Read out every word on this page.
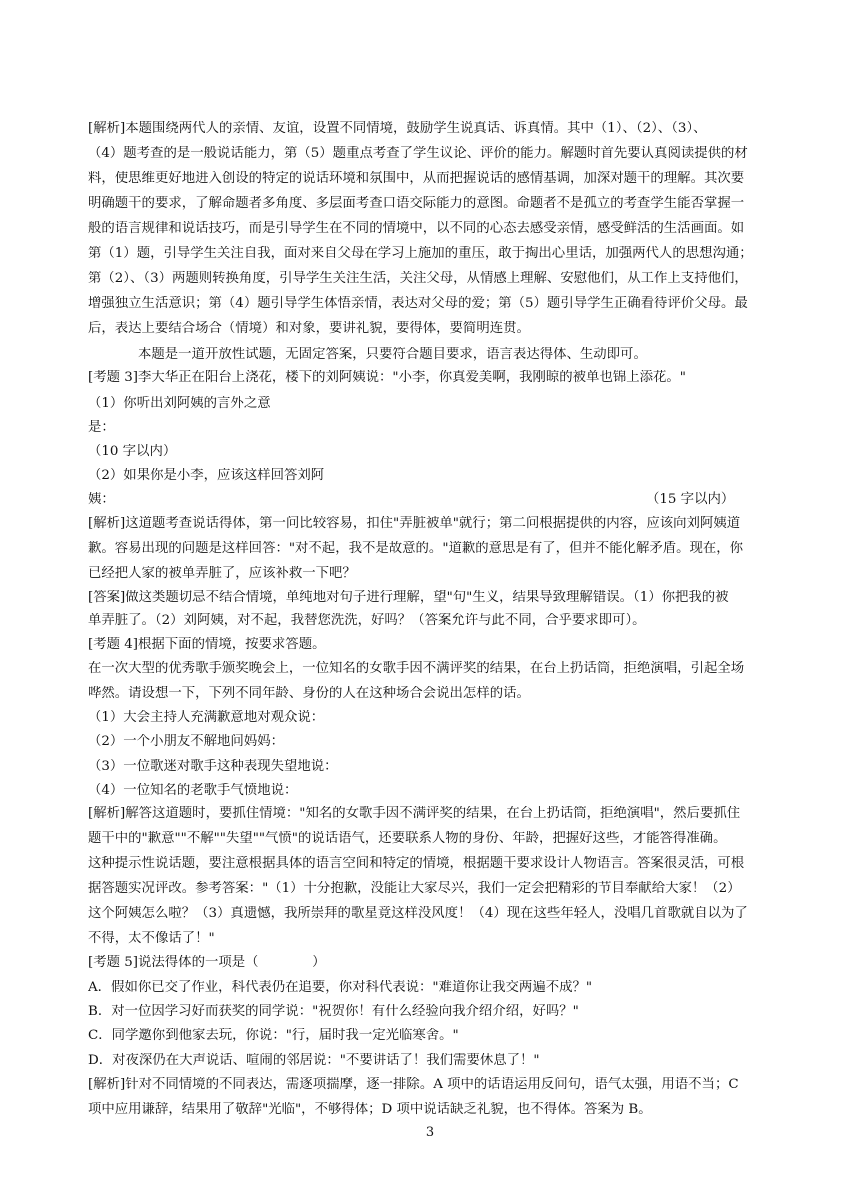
[解析]本题围绕两代人的亲情、友谊，设置不同情境，鼓励学生说真话、诉真情。其中（1）、（2）、（3）、
（4）题考查的是一般说话能力，第（5）题重点考查了学生议论、评价的能力。解题时首先要认真阅读提供的材
料，使思维更好地进入创设的特定的说话环境和氛围中，从而把握说话的感情基调，加深对题干的理解。其次要
明确题干的要求，了解命题者多角度、多层面考查口语交际能力的意图。命题者不是孤立的考查学生能否掌握一
般的语言规律和说话技巧，而是引导学生在不同的情境中，以不同的心态去感受亲情，感受鲜活的生活画面。如
第（1）题，引导学生关注自我，面对来自父母在学习上施加的重压，敢于掏出心里话，加强两代人的思想沟通；
第（2）、（3）两题则转换角度，引导学生关注生活，关注父母，从情感上理解、安慰他们，从工作上支持他们，
增强独立生活意识；第（4）题引导学生体悟亲情，表达对父母的爱；第（5）题引导学生正确看待评价父母。最
后，表达上要结合场合（情境）和对象，要讲礼貌，要得体，要简明连贯。
本题是一道开放性试题，无固定答案，只要符合题目要求，语言表达得体、生动即可。
[考题 3]李大华正在阳台上浇花，楼下的刘阿姨说："小李，你真爱美啊，我刚晾的被单也锦上添花。"
（1）你听出刘阿姨的言外之意
是：
（10 字以内）
（2）如果你是小李，应该这样回答刘阿
姨：	（15 字以内）
[解析]这道题考查说话得体，第一问比较容易，扣住"弄脏被单"就行；第二问根据提供的内容，应该向刘阿姨道
歉。容易出现的问题是这样回答："对不起，我不是故意的。"道歉的意思是有了，但并不能化解矛盾。现在，你
已经把人家的被单弄脏了，应该补救一下吧？
[答案]做这类题切忌不结合情境，单纯地对句子进行理解，望"句"生义，结果导致理解错误。（1）你把我的被
单弄脏了。（2）刘阿姨，对不起，我替您洗洗，好吗？（答案允许与此不同，合乎要求即可）。
[考题 4]根据下面的情境，按要求答题。
在一次大型的优秀歌手颁奖晚会上，一位知名的女歌手因不满评奖的结果，在台上扔话筒，拒绝演唱，引起全场
哗然。请设想一下，下列不同年龄、身份的人在这种场合会说出怎样的话。
（1）大会主持人充满歉意地对观众说：
（2）一个小朋友不解地问妈妈：
（3）一位歌迷对歌手这种表现失望地说：
（4）一位知名的老歌手气愤地说：
[解析]解答这道题时，要抓住情境："知名的女歌手因不满评奖的结果，在台上扔话筒，拒绝演唱"，然后要抓住
题干中的"歉意""不解""失望""气愤"的说话语气，还要联系人物的身份、年龄，把握好这些，才能答得准确。
这种提示性说话题，要注意根据具体的语言空间和特定的情境，根据题干要求设计人物语言。答案很灵活，可根
据答题实况评改。参考答案："（1）十分抱歉，没能让大家尽兴，我们一定会把精彩的节目奉献给大家！（2）
这个阿姨怎么啦？（3）真遗憾，我所崇拜的歌星竟这样没风度！（4）现在这些年轻人，没唱几首歌就自以为了
不得，太不像话了！"
[考题 5]说法得体的一项是（　　　　）
A．假如你已交了作业，科代表仍在追要，你对科代表说："难道你让我交两遍不成？"
B．对一位因学习好而获奖的同学说："祝贺你！有什么经验向我介绍介绍，好吗？"
C．同学邀你到他家去玩，你说："行，届时我一定光临寒舍。"
D．对夜深仍在大声说话、喧闹的邻居说："不要讲话了！我们需要休息了！"
[解析]针对不同情境的不同表达，需逐项揣摩，逐一排除。A 项中的话语运用反问句，语气太强，用语不当；C
项中应用谦辞，结果用了敬辞"光临"，不够得体；D 项中说话缺乏礼貌，也不得体。答案为 B。
3
